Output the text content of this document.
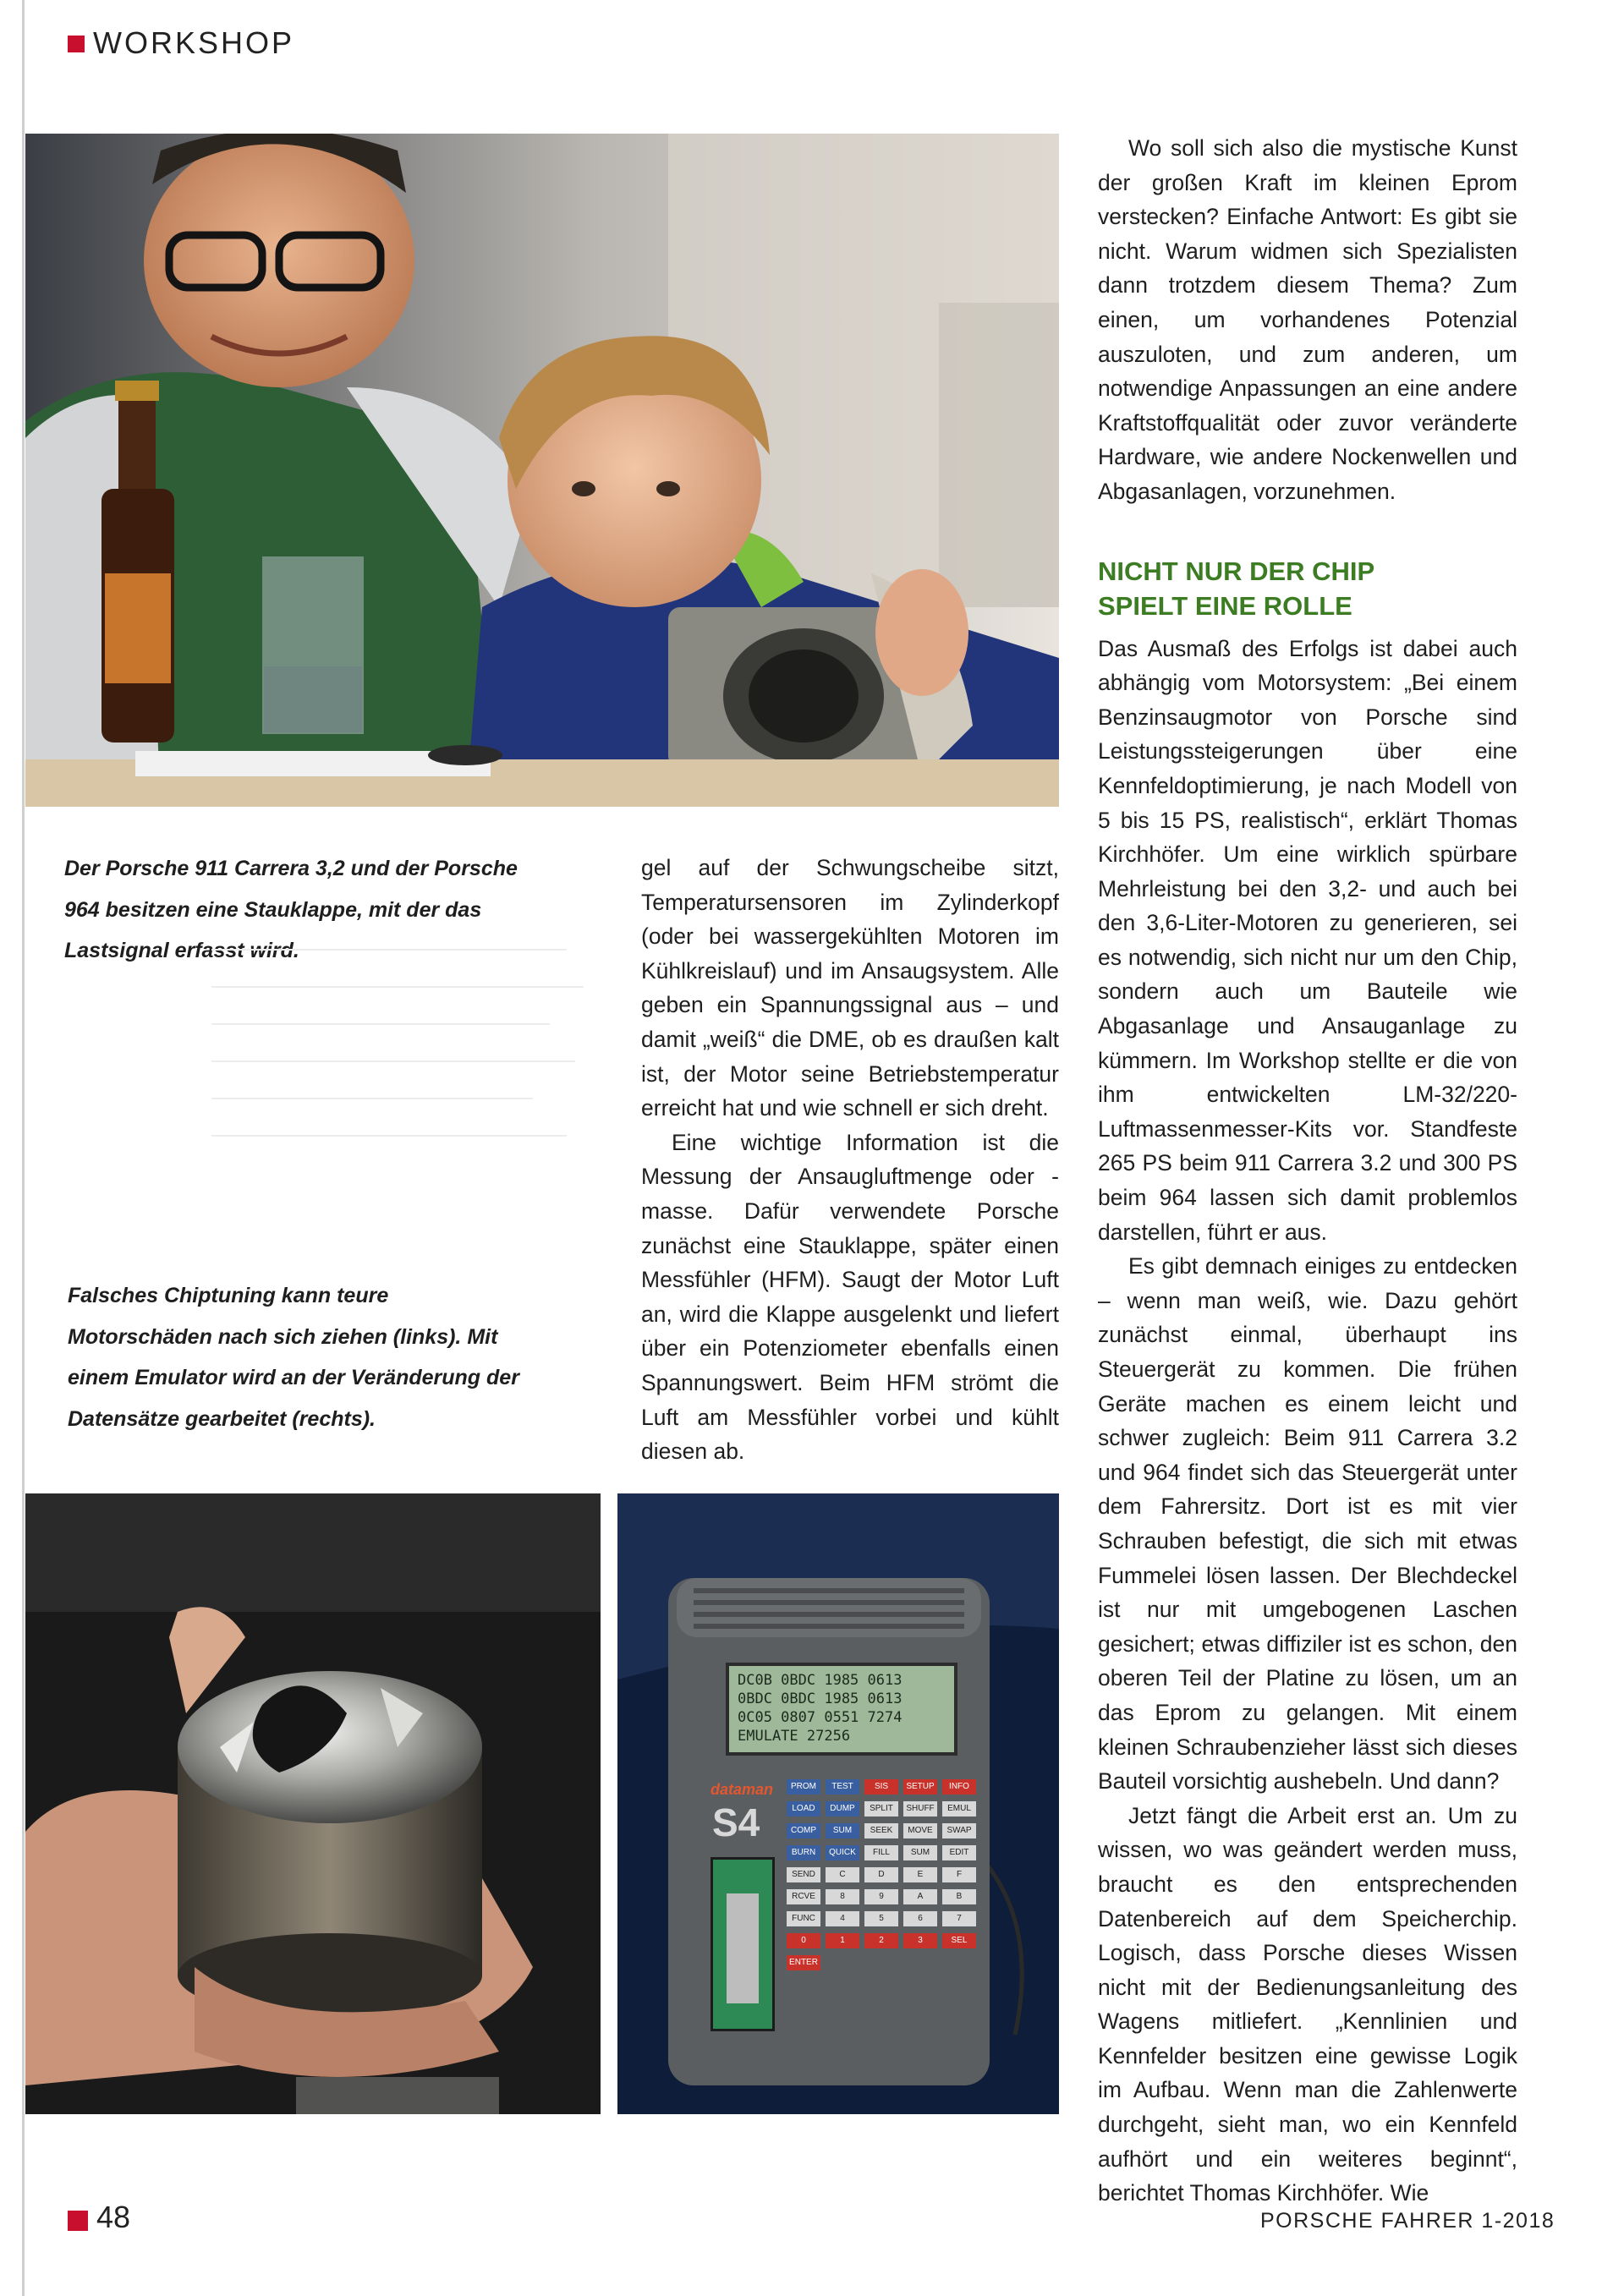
WORKSHOP
Der Porsche 911 Carrera 3,2 und der Porsche 964 besitzen eine Stauklappe, mit der das Lastsignal erfasst wird.
Falsches Chiptuning kann teure Motorschäden nach sich ziehen (links). Mit einem Emulator wird an der Veränderung der Datensätze gearbeitet (rechts).

gel auf der Schwungscheibe sitzt, Temperatursensoren im Zylinderkopf (oder bei wassergekühlten Motoren im Kühlkreislauf) und im Ansaugsystem. Alle geben ein Spannungssignal aus – und damit „weiß“ die DME, ob es draußen kalt ist, der Motor seine Betriebstemperatur erreicht hat und wie schnell er sich dreht.

Eine wichtige Information ist die Messung der Ansaugluftmenge oder -masse. Dafür verwendete Porsche zunächst eine Stauklappe, später einen Messfühler (HFM). Saugt der Motor Luft an, wird die Klappe ausgelenkt und liefert über ein Potenziometer ebenfalls einen Spannungswert. Beim HFM strömt die Luft am Messfühler vorbei und kühlt diesen ab.

Wo soll sich also die mystische Kunst der großen Kraft im kleinen Eprom verstecken? Einfache Antwort: Es gibt sie nicht. Warum widmen sich Spezialisten dann trotzdem diesem Thema? Zum einen, um vorhandenes Potenzial auszuloten, und zum anderen, um notwendige Anpassungen an eine andere Kraftstoffqualität oder zuvor veränderte Hardware, wie andere Nockenwellen und Abgasanlagen, vorzunehmen.

NICHT NUR DER CHIP
SPIELT EINE ROLLE

Das Ausmaß des Erfolgs ist dabei auch abhängig vom Motorsystem: „Bei einem Benzinsaugmotor von Porsche sind Leistungssteigerungen über eine Kennfeldoptimierung, je nach Modell von 5 bis 15 PS, realistisch“, erklärt Thomas Kirchhöfer. Um eine wirklich spürbare Mehrleistung bei den 3,2- und auch bei den 3,6-Liter-Motoren zu generieren, sei es notwendig, sich nicht nur um den Chip, sondern auch um Bauteile wie Abgasanlage und Ansauganlage zu kümmern. Im Workshop stellte er die von ihm entwickelten LM-32/220-Luftmassenmesser-Kits vor. Standfeste 265 PS beim 911 Carrera 3.2 und 300 PS beim 964 lassen sich damit problemlos darstellen, führt er aus.

Es gibt demnach einiges zu entdecken – wenn man weiß, wie. Dazu gehört zunächst einmal, überhaupt ins Steuergerät zu kommen. Die frühen Geräte machen es einem leicht und schwer zugleich: Beim 911 Carrera 3.2 und 964 findet sich das Steuergerät unter dem Fahrersitz. Dort ist es mit vier Schrauben befestigt, die sich mit etwas Fummelei lösen lassen. Der Blechdeckel ist nur mit umgebogenen Laschen gesichert; etwas diffiziler ist es schon, den oberen Teil der Platine zu lösen, um an das Eprom zu gelangen. Mit einem kleinen Schraubenzieher lässt sich dieses Bauteil vorsichtig aushebeln. Und dann?

Jetzt fängt die Arbeit erst an. Um zu wissen, wo was geändert werden muss, braucht es den entsprechenden Datenbereich auf dem Speicherchip. Logisch, dass Porsche dieses Wissen nicht mit der Bedienungsanleitung des Wagens mitliefert. „Kennlinien und Kennfelder besitzen eine gewisse Logik im Aufbau. Wenn man die Zahlenwerte durchgeht, sieht man, wo ein Kennfeld aufhört und ein weiteres beginnt“, berichtet Thomas Kirchhöfer. Wie

DC0B 0BDC 1985 0613
0BDC 0BDC 1985 0613
0C05 0807 0551 7274
EMULATE 27256
dataman
S4
PROM	TEST	SIS	SETUP	INFO
LOAD	DUMP	SPLIT	SHUFF	EMUL
COMP	SUM	SEEK	MOVE	SWAP
BURN	QUICK	FILL	SUM	EDIT
SEND	C	D	E	F
RCVE	8	9	A	B
FUNC	4	5	6	7
0	1	2	3	SEL
ENTER
48	PORSCHE FAHRER 1-2018
